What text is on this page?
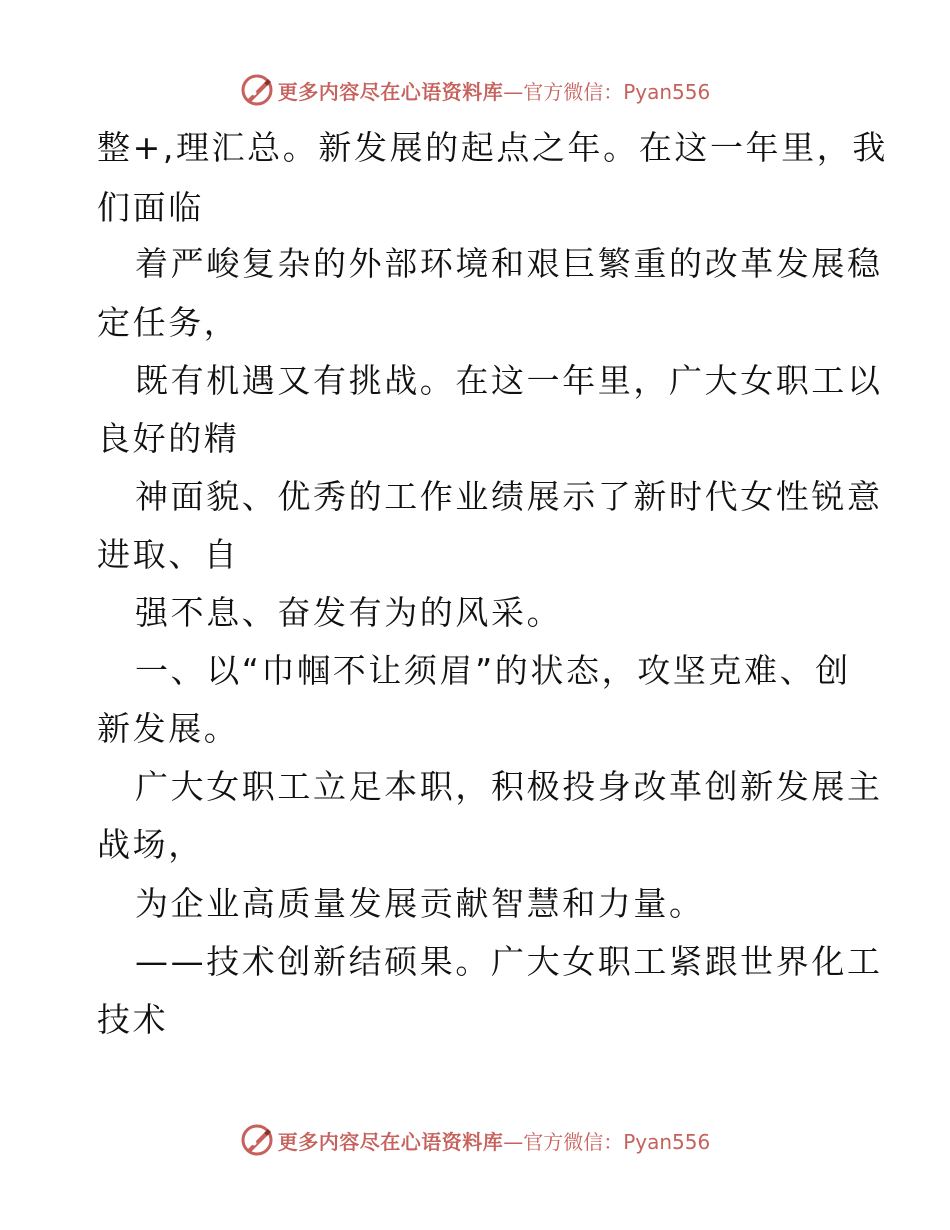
更多内容尽在心语资料库 —官方微信：Pyan556
整+,理汇总。新发展的起点之年。在这一年里，我
们面临
着严峻复杂的外部环境和艰巨繁重的改革发展稳
定任务，
既有机遇又有挑战。在这一年里，广大女职工以
良好的精
神面貌、优秀的工作业绩展示了新时代女性锐意
进取、自
强不息、奋发有为的风采。
一、以“巾帼不让须眉”的状态，攻坚克难、创
新发展。
广大女职工立足本职，积极投身改革创新发展主
战场，
为企业高质量发展贡献智慧和力量。
——技术创新结硕果。广大女职工紧跟世界化工
技术
更多内容尽在心语资料库 —官方微信：Pyan556
